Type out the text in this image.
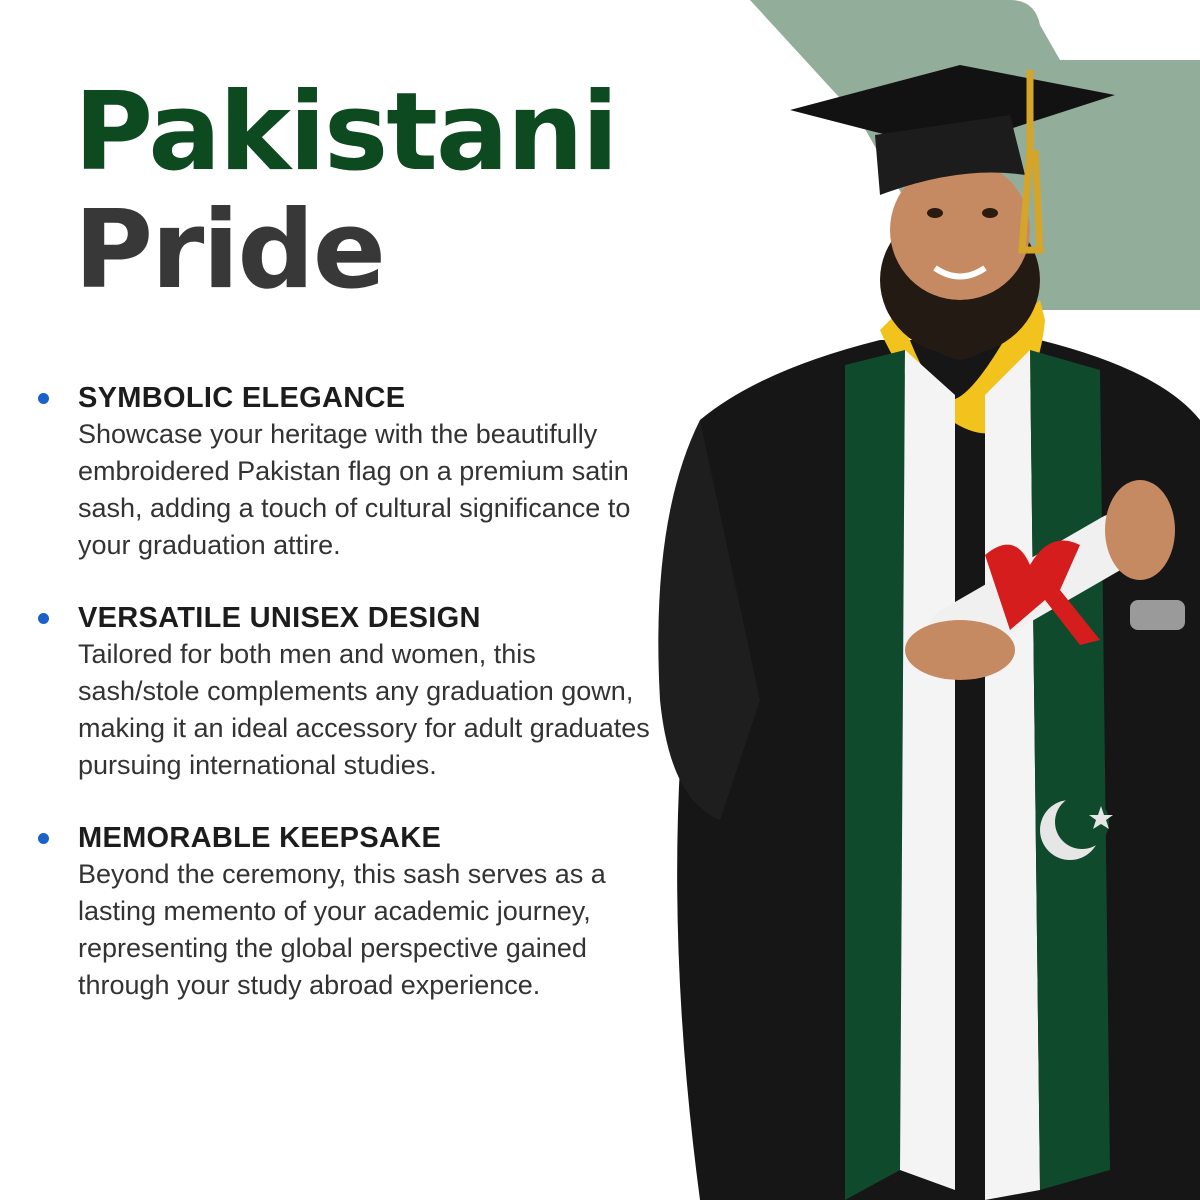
Pakistani
Pride
SYMBOLIC ELEGANCE
Showcase your heritage with the beautifully embroidered Pakistan flag on a premium satin sash, adding a touch of cultural significance to your graduation attire.
VERSATILE UNISEX DESIGN
Tailored for both men and women, this sash/stole complements any graduation gown, making it an ideal accessory for adult graduates pursuing international studies.
MEMORABLE KEEPSAKE
Beyond the ceremony, this sash serves as a lasting memento of your academic journey, representing the global perspective gained through your study abroad experience.
